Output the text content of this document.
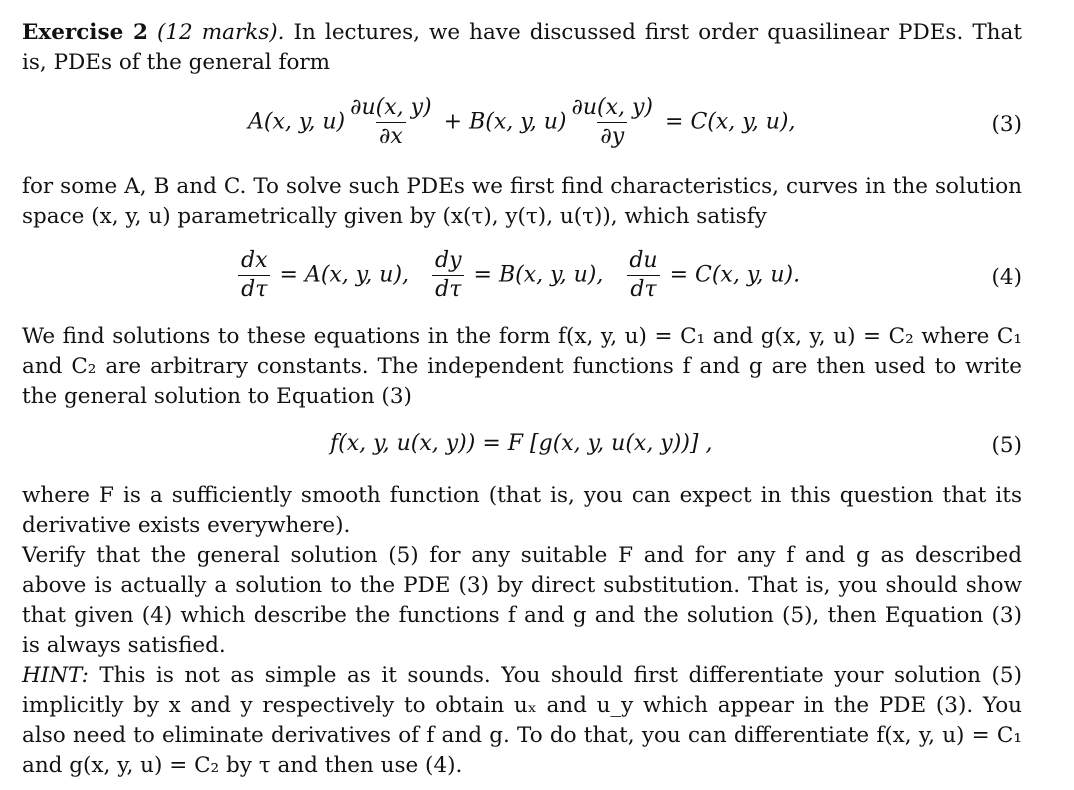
Exercise 2 (12 marks). In lectures, we have discussed first order quasilinear PDEs. That is, PDEs of the general form
A(x, y, $u) \frac{\partial u(x, y)}{\partial x} + B(x$, y, $u) \frac{\partial u(x, y)}{\partial y} = C(x$, y, u),	(3)
for some A, B and C. To solve such PDEs we first find characteristics, curves in the solution space (x, y, u) parametrically given by (x(τ), y(τ), u(τ)), which satisfy
$\frac{dx}{d\tau} = A(x$, y, u), $\frac{dy}{d\tau} = B(x$, y, u), $\frac{du}{d\tau} = C(x$, y, u).	(4)
We find solutions to these equations in the form f(x, y, u) = C₁ and g(x, y, u) = C₂ where C₁ and C₂ are arbitrary constants. The independent functions f and g are then used to write the general solution to Equation (3)
f(x, y, u(x, y)) = F [g(x, y, u(x, y))] ,	(5)
where F is a sufficiently smooth function (that is, you can expect in this question that its derivative exists everywhere).
Verify that the general solution (5) for any suitable F and for any f and g as described above is actually a solution to the PDE (3) by direct substitution. That is, you should show that given (4) which describe the functions f and g and the solution (5), then Equation (3) is always satisfied.
HINT: This is not as simple as it sounds. You should first differentiate your solution (5) implicitly by x and y respectively to obtain uₓ and u_y which appear in the PDE (3). You also need to eliminate derivatives of f and g. To do that, you can differentiate f(x, y, u) = C₁ and g(x, y, u) = C₂ by τ and then use (4).
